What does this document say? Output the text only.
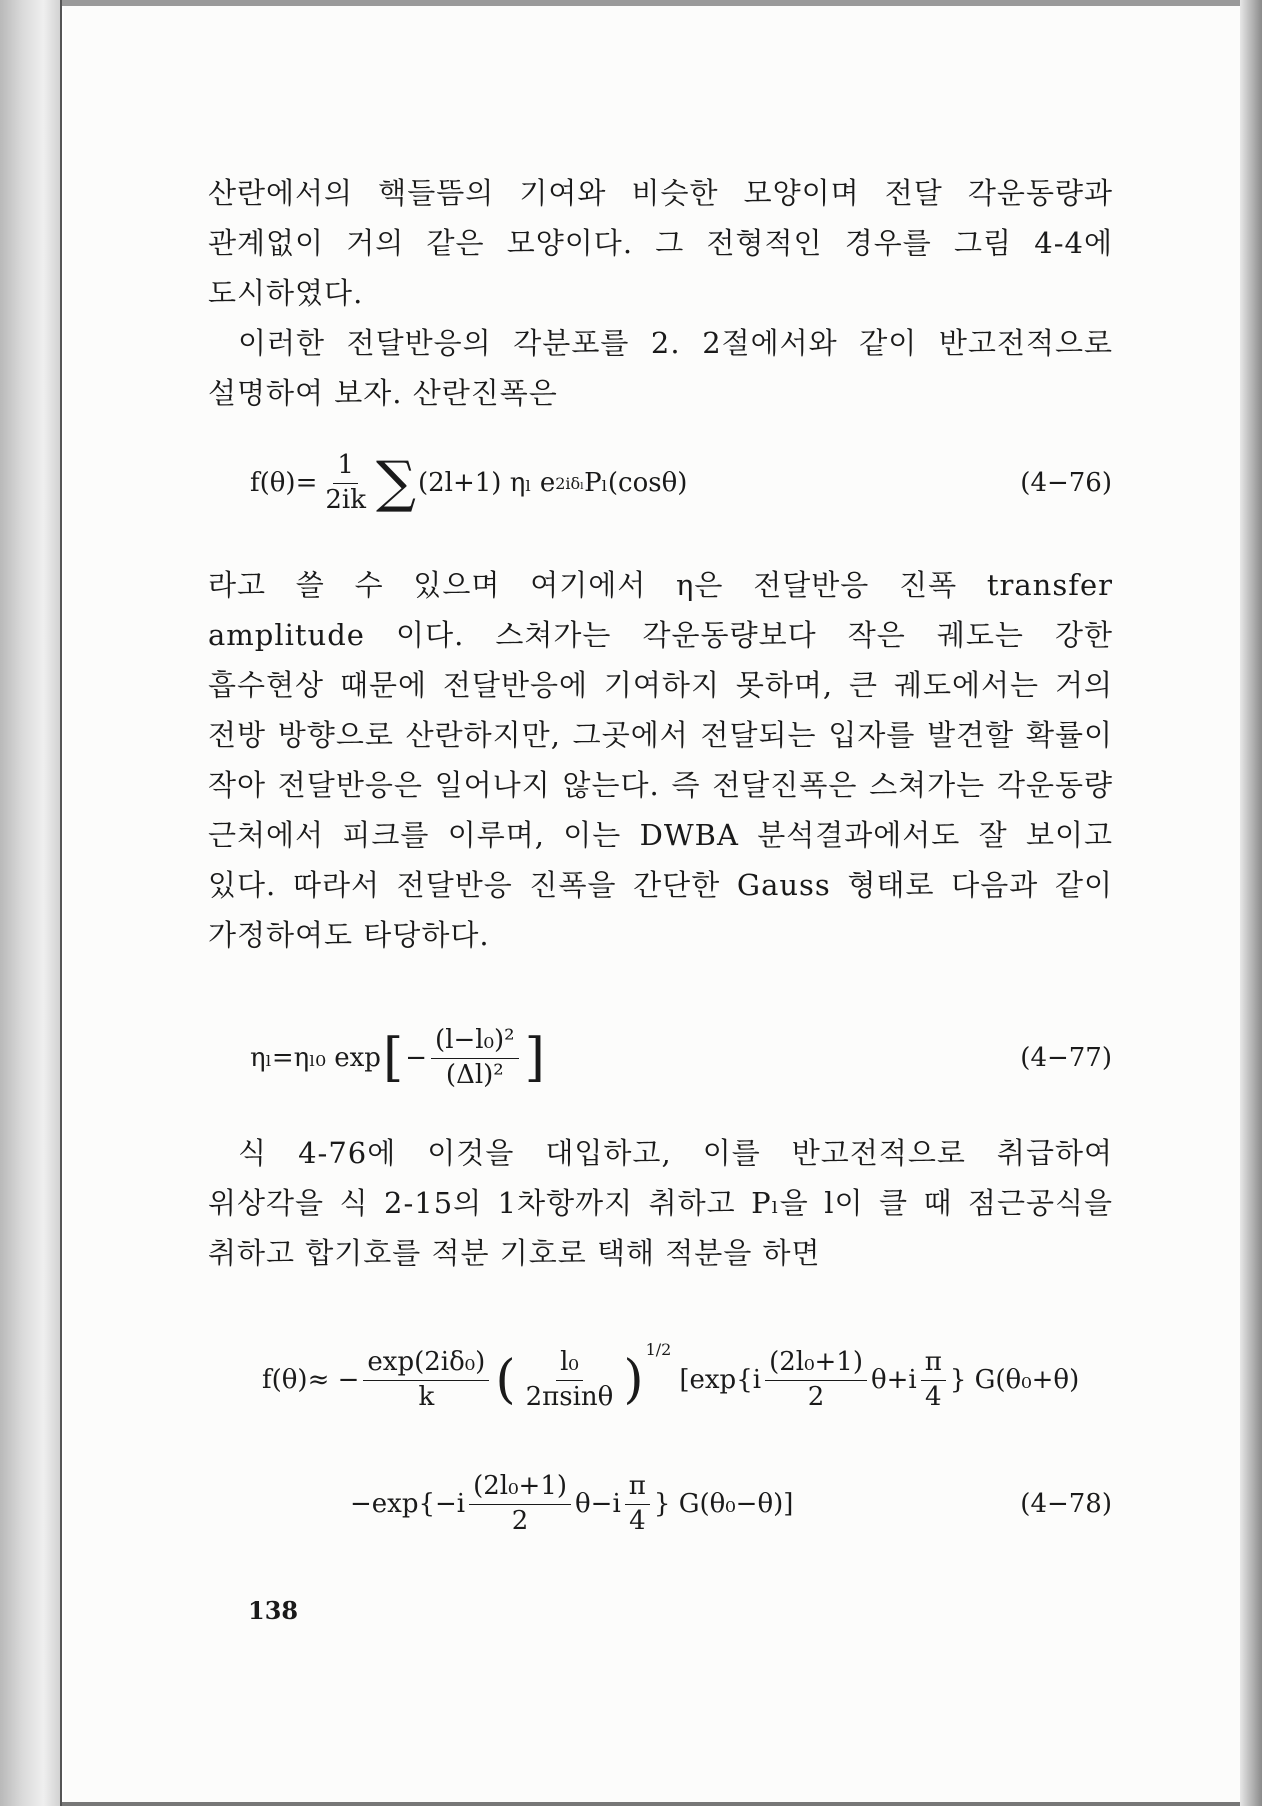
산란에서의 핵들뜸의 기여와 비슷한 모양이며 전달 각운동량과 관계없이 거의 같은 모양이다. 그 전형적인 경우를 그림 4-4에 도시하였다.

이러한 전달반응의 각분포를 2. 2절에서와 같이 반고전적으로 설명하여 보자. 산란진폭은

$f(\theta)= \frac{1}{2ik}$ ∑ (2l+1) ηₗ e 2iδₗ Pₗ(cosθ)	(4−76)

라고 쓸 수 있으며 여기에서 η은 전달반응 진폭 transfer amplitude 이다. 스쳐가는 각운동량보다 작은 궤도는 강한 흡수현상 때문에 전달반응에 기여하지 못하며, 큰 궤도에서는 거의 전방 방향으로 산란하지만, 그곳에서 전달되는 입자를 발견할 확률이 작아 전달반응은 일어나지 않는다. 즉 전달진폭은 스쳐가는 각운동량 근처에서 피크를 이루며, 이는 DWBA 분석결과에서도 잘 보이고 있다. 따라서 전달반응 진폭을 간단한 Gauss 형태로 다음과 같이 가정하여도 타당하다.

ηₗ=ηₗ₀ exp [ − $\frac{\text{(l−l₀)²}}{\text{(Δl)²}}$ ]	(4−77)

식 4-76에 이것을 대입하고, 이를 반고전적으로 취급하여 위상각을 식 2-15의 1차항까지 취하고 Pₗ을 l이 클 때 점근공식을 취하고 합기호를 적분 기호로 택해 적분을 하면

$f(\theta)\approx - \frac{\text{exp(2iδ₀)}}{k}$ ( $\frac{\text{l₀}}{2\pi\sin\theta}$ )
1/2
[$\exp\{i \frac{\text{(2l₀+1)}}{2} \theta+i \frac{\pi}{4}$ } G(θ₀+θ)
$-\exp\{-i \frac{\text{(2l₀+1)}}{2} \theta-i \frac{\pi}{4}$ } G(θ₀−θ)]	(4−78)
138
